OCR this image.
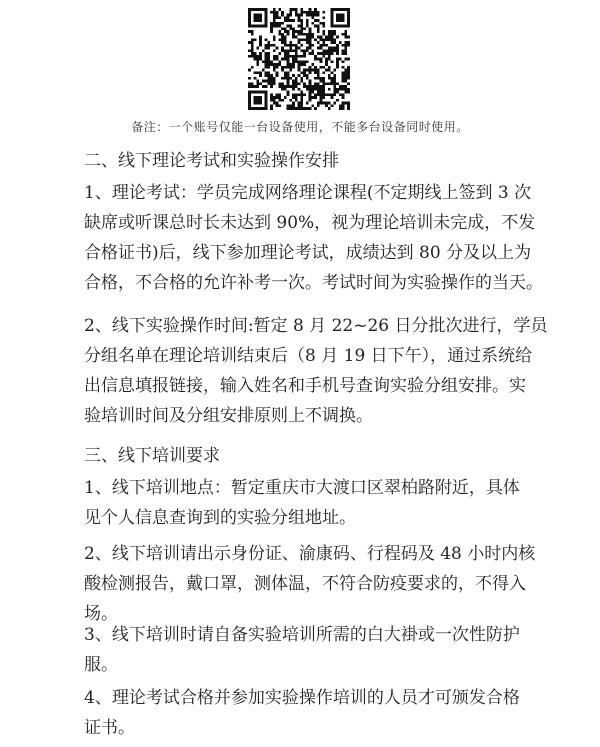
备注：一个账号仅能一台设备使用，不能多台设备同时使用。
二、线下理论考试和实验操作安排
1、理论考试：学员完成网络理论课程(不定期线上签到 3 次
缺席或听课总时长未达到 90%，视为理论培训未完成，不发
合格证书)后，线下参加理论考试，成绩达到 80 分及以上为
合格，不合格的允许补考一次。考试时间为实验操作的当天。
2、线下实验操作时间:暂定 8 月 22~26 日分批次进行，学员
分组名单在理论培训结束后（8 月 19 日下午），通过系统给
出信息填报链接，输入姓名和手机号查询实验分组安排。实
验培训时间及分组安排原则上不调换。
三、线下培训要求
1、线下培训地点：暂定重庆市大渡口区翠柏路附近，具体
见个人信息查询到的实验分组地址。
2、线下培训请出示身份证、渝康码、行程码及 48 小时内核
酸检测报告，戴口罩，测体温，不符合防疫要求的，不得入
场。
3、线下培训时请自备实验培训所需的白大褂或一次性防护
服。
4、理论考试合格并参加实验操作培训的人员才可颁发合格
证书。
